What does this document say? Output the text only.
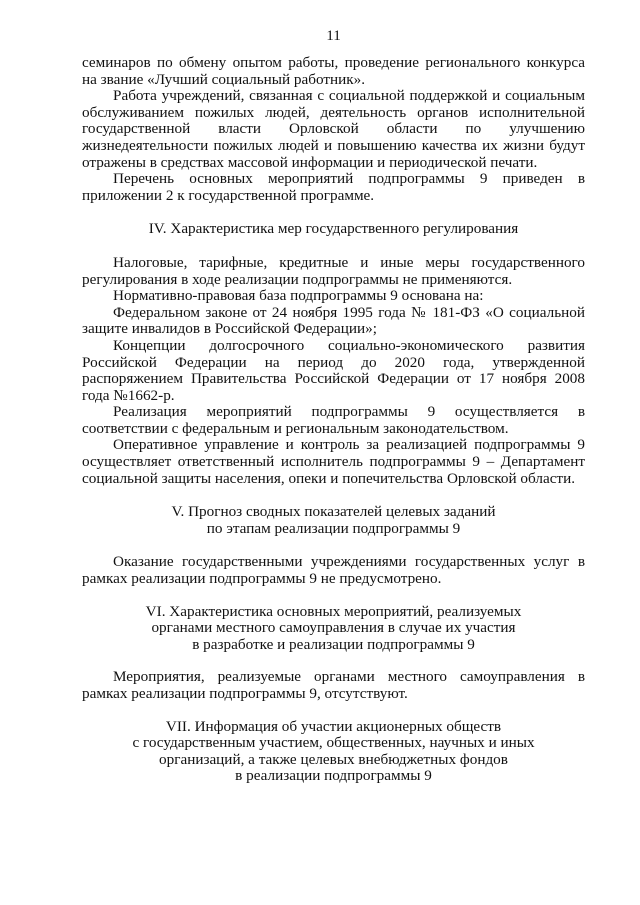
11

семинаров по обмену опытом работы, проведение регионального конкурса на звание «Лучший социальный работник».

Работа учреждений, связанная с социальной поддержкой и социальным обслуживанием пожилых людей, деятельность органов исполнительной государственной власти Орловской области по улучшению жизнедеятельности пожилых людей и повышению качества их жизни будут отражены в средствах массовой информации и периодической печати.

Перечень основных мероприятий подпрограммы 9 приведен в приложении 2 к государственной программе.

IV. Характеристика мер государственного регулирования

Налоговые, тарифные, кредитные и иные меры государственного регулирования в ходе реализации подпрограммы не применяются.

Нормативно-правовая база подпрограммы 9 основана на:

Федеральном законе от 24 ноября 1995 года № 181-ФЗ «О социальной защите инвалидов в Российской Федерации»;

Концепции долгосрочного социально-экономического развития Российской Федерации на период до 2020 года, утвержденной распоряжением Правительства Российской Федерации от 17 ноября 2008 года №1662-р.

Реализация мероприятий подпрограммы 9 осуществляется в соответствии с федеральным и региональным законодательством.

Оперативное управление и контроль за реализацией подпрограммы 9 осуществляет ответственный исполнитель подпрограммы 9 – Департамент социальной защиты населения, опеки и попечительства Орловской области.

V. Прогноз сводных показателей целевых заданий
по этапам реализации подпрограммы 9

Оказание государственными учреждениями государственных услуг в рамках реализации подпрограммы 9 не предусмотрено.

VI. Характеристика основных мероприятий, реализуемых
органами местного самоуправления в случае их участия
в разработке и реализации подпрограммы 9

Мероприятия, реализуемые органами местного самоуправления в рамках реализации подпрограммы 9, отсутствуют.

VII. Информация об участии акционерных обществ
с государственным участием, общественных, научных и иных
организаций, а также целевых внебюджетных фондов
в реализации подпрограммы 9
